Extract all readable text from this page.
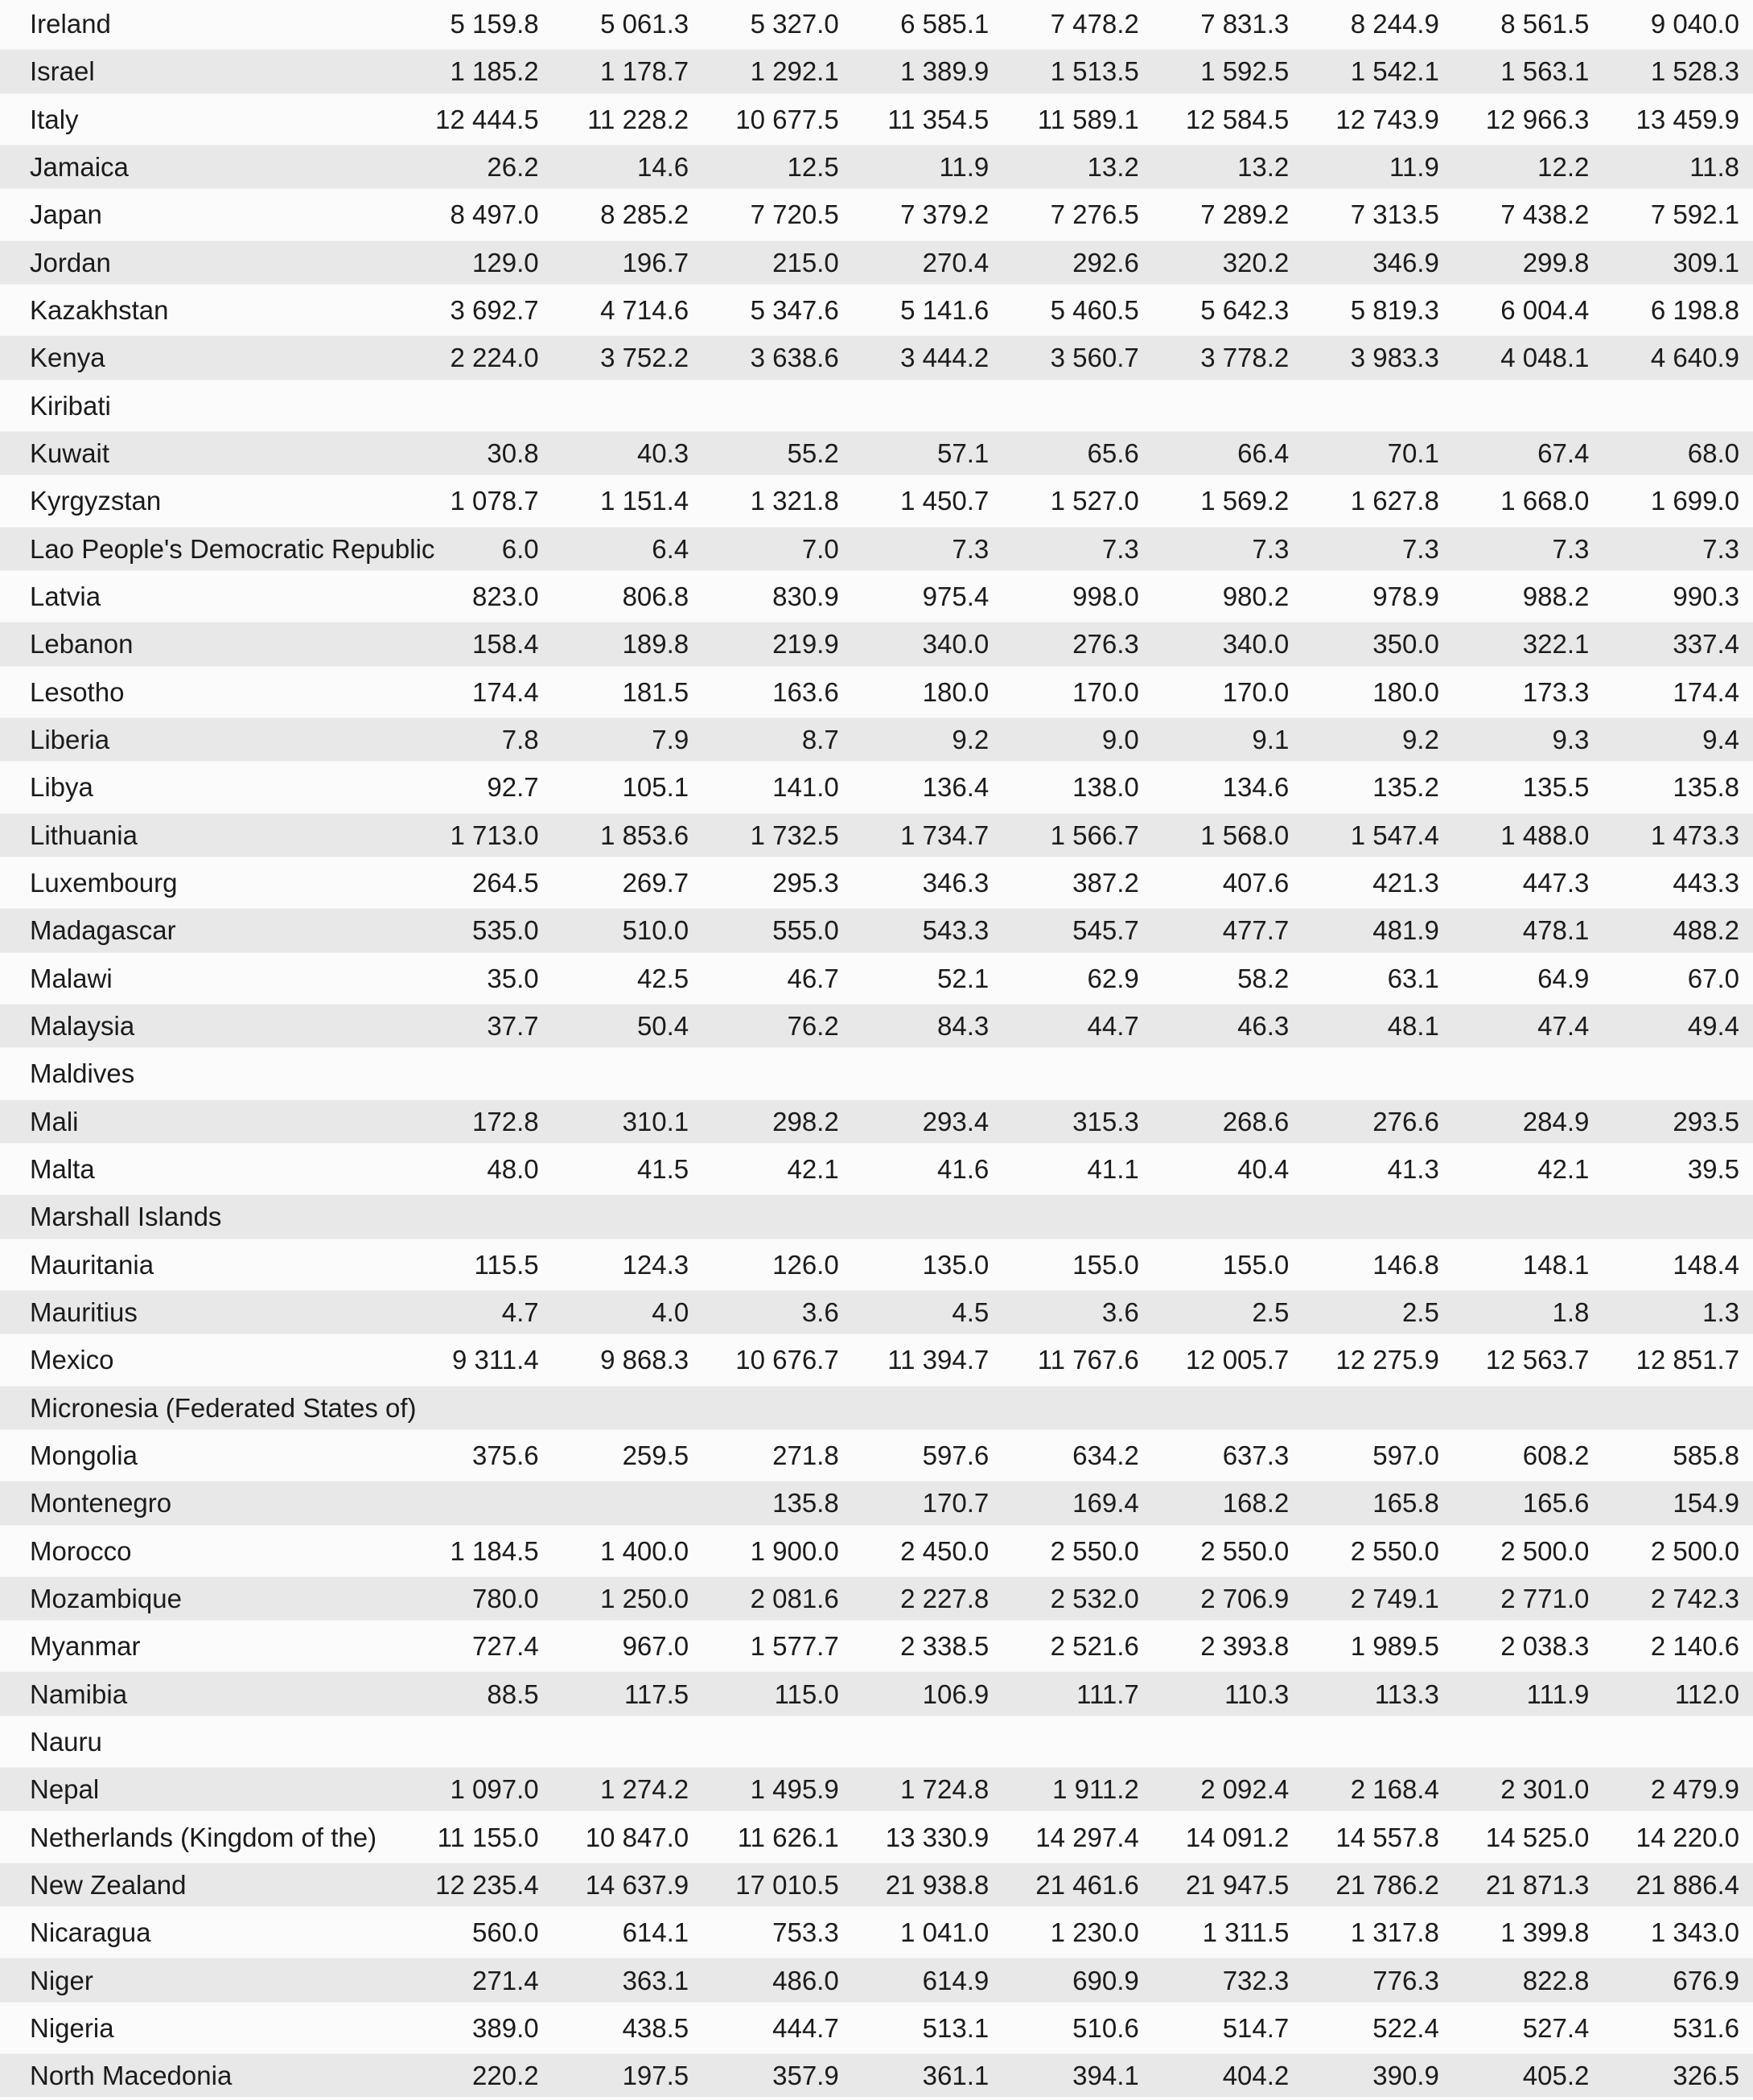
Ireland	5 159.8	5 061.3	5 327.0	6 585.1	7 478.2	7 831.3	8 244.9	8 561.5	9 040.0
Israel	1 185.2	1 178.7	1 292.1	1 389.9	1 513.5	1 592.5	1 542.1	1 563.1	1 528.3
Italy	12 444.5	11 228.2	10 677.5	11 354.5	11 589.1	12 584.5	12 743.9	12 966.3	13 459.9
Jamaica	26.2	14.6	12.5	11.9	13.2	13.2	11.9	12.2	11.8
Japan	8 497.0	8 285.2	7 720.5	7 379.2	7 276.5	7 289.2	7 313.5	7 438.2	7 592.1
Jordan	129.0	196.7	215.0	270.4	292.6	320.2	346.9	299.8	309.1
Kazakhstan	3 692.7	4 714.6	5 347.6	5 141.6	5 460.5	5 642.3	5 819.3	6 004.4	6 198.8
Kenya	2 224.0	3 752.2	3 638.6	3 444.2	3 560.7	3 778.2	3 983.3	4 048.1	4 640.9
Kiribati									
Kuwait	30.8	40.3	55.2	57.1	65.6	66.4	70.1	67.4	68.0
Kyrgyzstan	1 078.7	1 151.4	1 321.8	1 450.7	1 527.0	1 569.2	1 627.8	1 668.0	1 699.0
Lao People's Democratic Republic	6.0	6.4	7.0	7.3	7.3	7.3	7.3	7.3	7.3
Latvia	823.0	806.8	830.9	975.4	998.0	980.2	978.9	988.2	990.3
Lebanon	158.4	189.8	219.9	340.0	276.3	340.0	350.0	322.1	337.4
Lesotho	174.4	181.5	163.6	180.0	170.0	170.0	180.0	173.3	174.4
Liberia	7.8	7.9	8.7	9.2	9.0	9.1	9.2	9.3	9.4
Libya	92.7	105.1	141.0	136.4	138.0	134.6	135.2	135.5	135.8
Lithuania	1 713.0	1 853.6	1 732.5	1 734.7	1 566.7	1 568.0	1 547.4	1 488.0	1 473.3
Luxembourg	264.5	269.7	295.3	346.3	387.2	407.6	421.3	447.3	443.3
Madagascar	535.0	510.0	555.0	543.3	545.7	477.7	481.9	478.1	488.2
Malawi	35.0	42.5	46.7	52.1	62.9	58.2	63.1	64.9	67.0
Malaysia	37.7	50.4	76.2	84.3	44.7	46.3	48.1	47.4	49.4
Maldives									
Mali	172.8	310.1	298.2	293.4	315.3	268.6	276.6	284.9	293.5
Malta	48.0	41.5	42.1	41.6	41.1	40.4	41.3	42.1	39.5
Marshall Islands									
Mauritania	115.5	124.3	126.0	135.0	155.0	155.0	146.8	148.1	148.4
Mauritius	4.7	4.0	3.6	4.5	3.6	2.5	2.5	1.8	1.3
Mexico	9 311.4	9 868.3	10 676.7	11 394.7	11 767.6	12 005.7	12 275.9	12 563.7	12 851.7
Micronesia (Federated States of)									
Mongolia	375.6	259.5	271.8	597.6	634.2	637.3	597.0	608.2	585.8
Montenegro			135.8	170.7	169.4	168.2	165.8	165.6	154.9
Morocco	1 184.5	1 400.0	1 900.0	2 450.0	2 550.0	2 550.0	2 550.0	2 500.0	2 500.0
Mozambique	780.0	1 250.0	2 081.6	2 227.8	2 532.0	2 706.9	2 749.1	2 771.0	2 742.3
Myanmar	727.4	967.0	1 577.7	2 338.5	2 521.6	2 393.8	1 989.5	2 038.3	2 140.6
Namibia	88.5	117.5	115.0	106.9	111.7	110.3	113.3	111.9	112.0
Nauru									
Nepal	1 097.0	1 274.2	1 495.9	1 724.8	1 911.2	2 092.4	2 168.4	2 301.0	2 479.9
Netherlands (Kingdom of the)	11 155.0	10 847.0	11 626.1	13 330.9	14 297.4	14 091.2	14 557.8	14 525.0	14 220.0
New Zealand	12 235.4	14 637.9	17 010.5	21 938.8	21 461.6	21 947.5	21 786.2	21 871.3	21 886.4
Nicaragua	560.0	614.1	753.3	1 041.0	1 230.0	1 311.5	1 317.8	1 399.8	1 343.0
Niger	271.4	363.1	486.0	614.9	690.9	732.3	776.3	822.8	676.9
Nigeria	389.0	438.5	444.7	513.1	510.6	514.7	522.4	527.4	531.6
North Macedonia	220.2	197.5	357.9	361.1	394.1	404.2	390.9	405.2	326.5
